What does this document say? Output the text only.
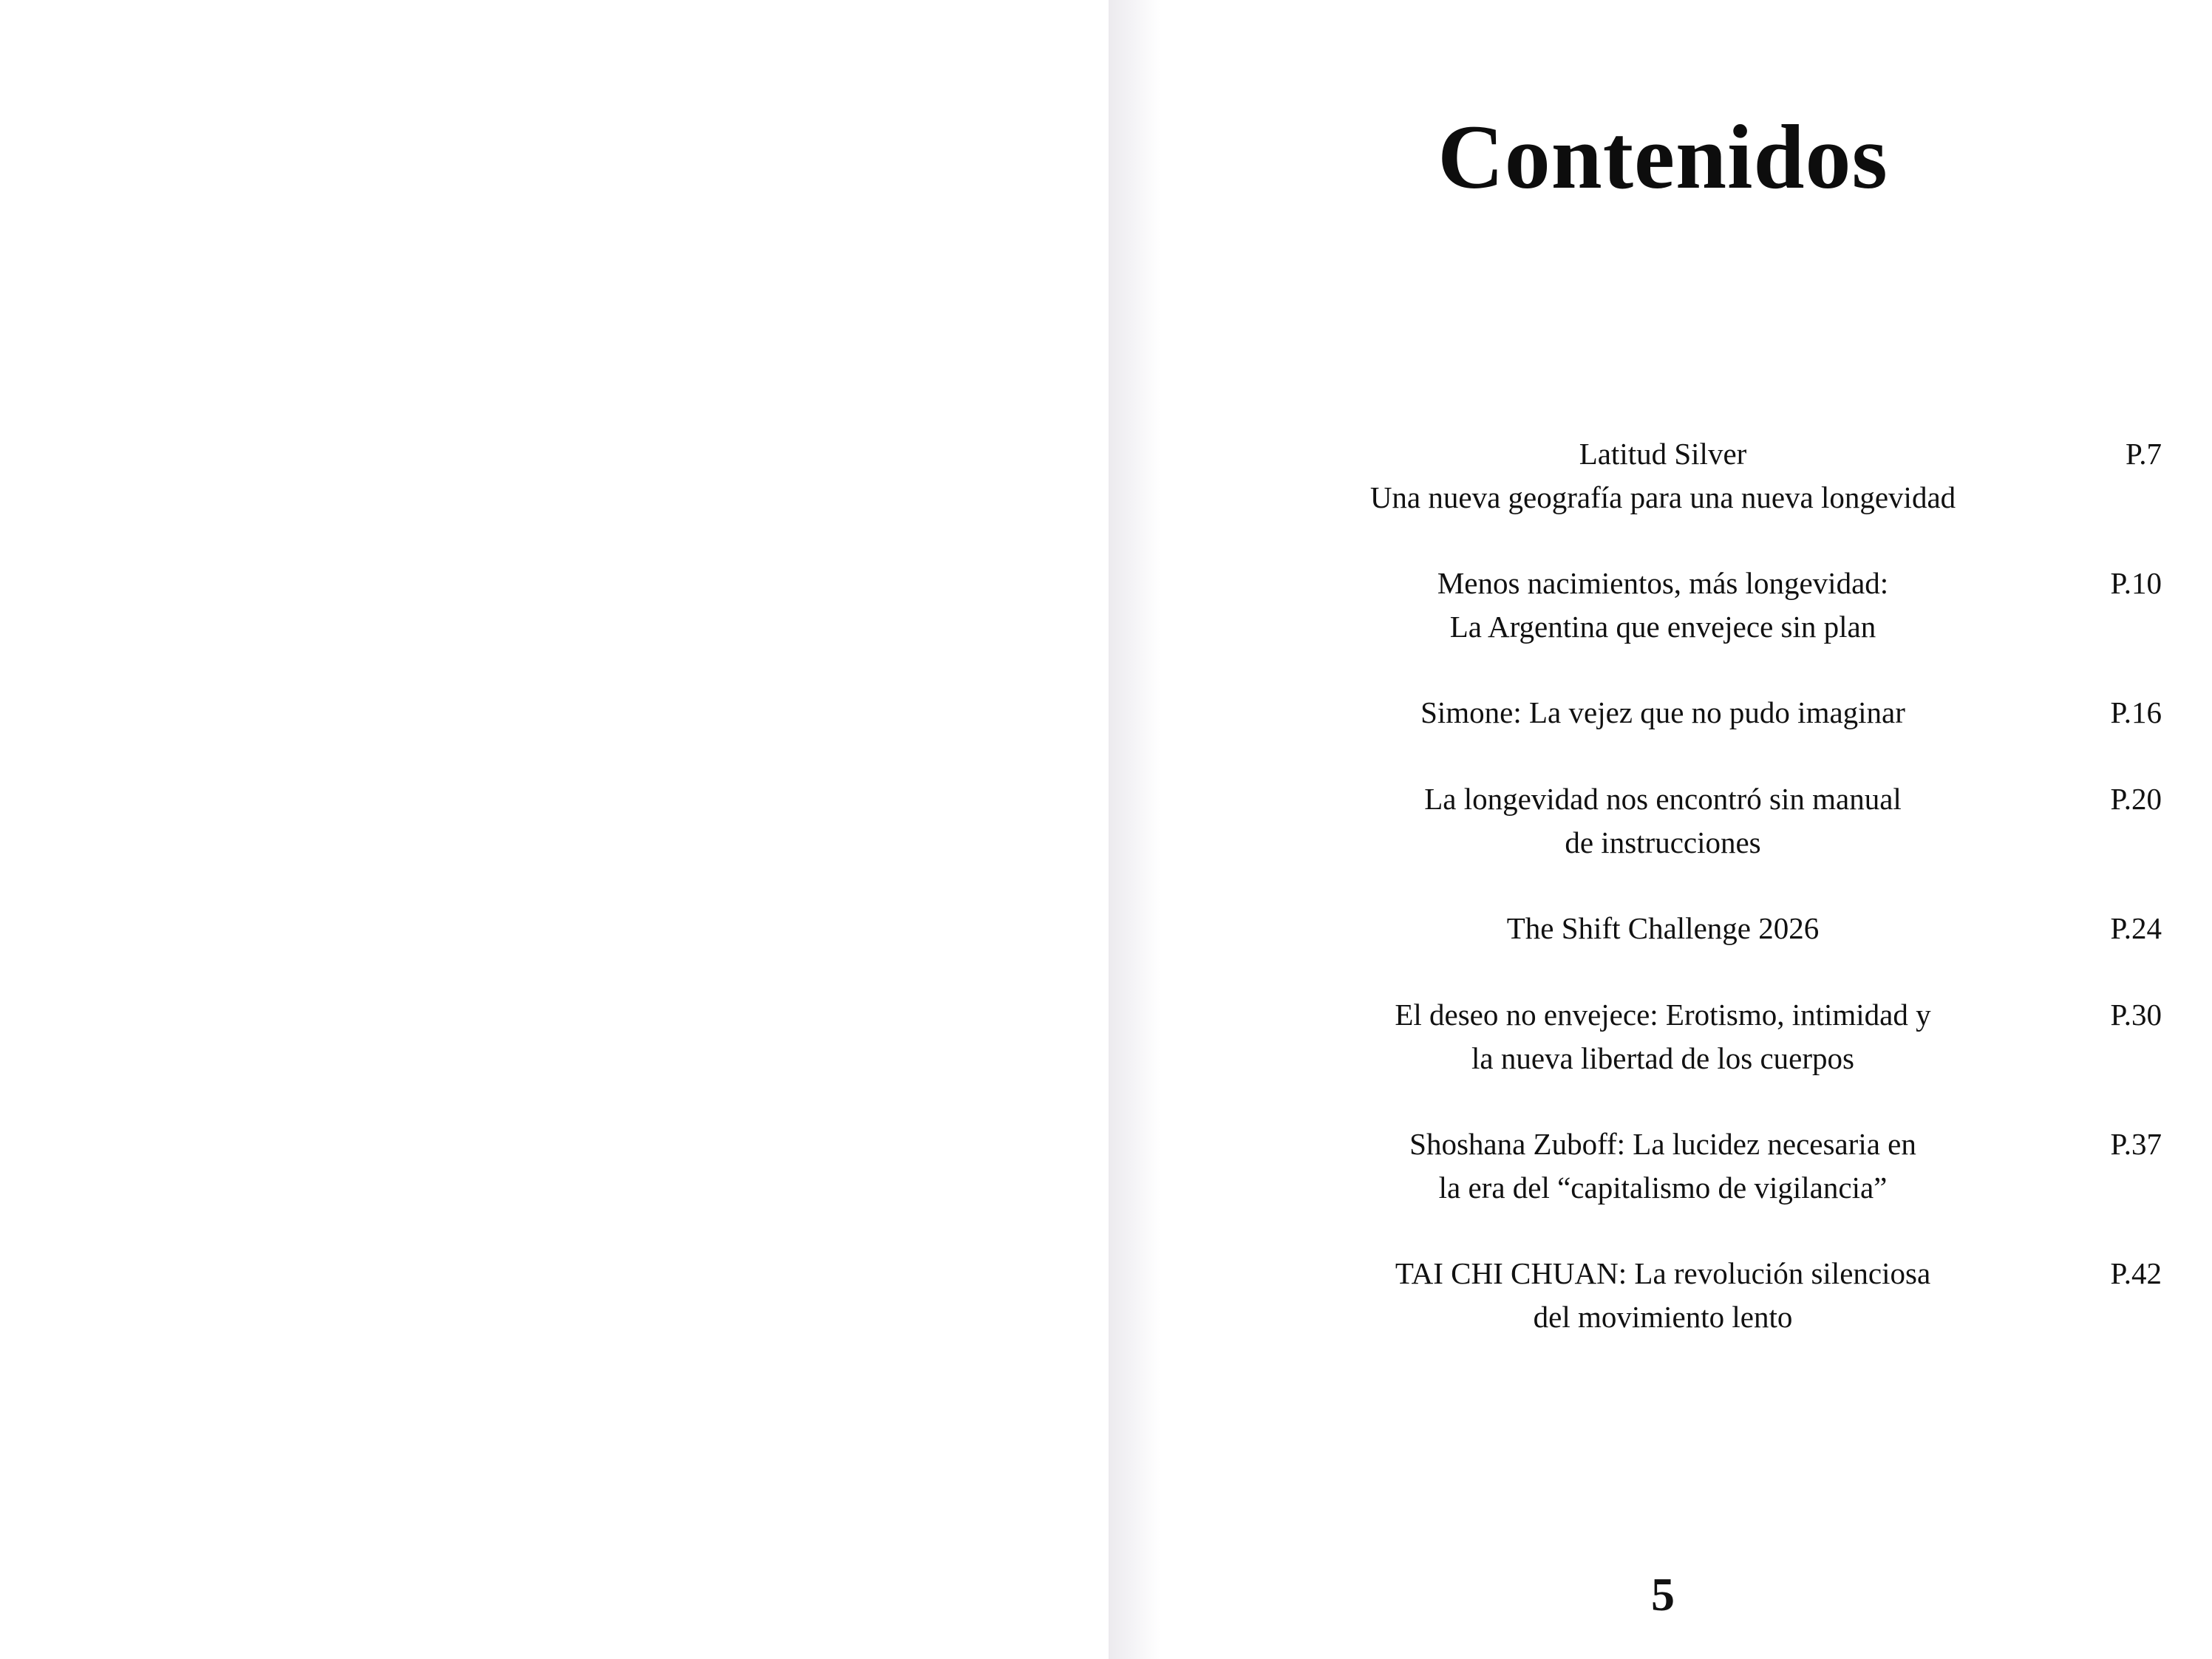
Contenidos
Latitud Silver
Una nueva geografía para una nueva longevidad
P.7
Menos nacimientos, más longevidad:
La Argentina que envejece sin plan
P.10
Simone: La vejez que no pudo imaginar	P.16
La longevidad nos encontró sin manual
de instrucciones
P.20
The Shift Challenge 2026	P.24
El deseo no envejece: Erotismo, intimidad y
la nueva libertad de los cuerpos
P.30
Shoshana Zuboff: La lucidez necesaria en
la era del “capitalismo de vigilancia”
P.37
TAI CHI CHUAN: La revolución silenciosa
del movimiento lento
P.42
5
